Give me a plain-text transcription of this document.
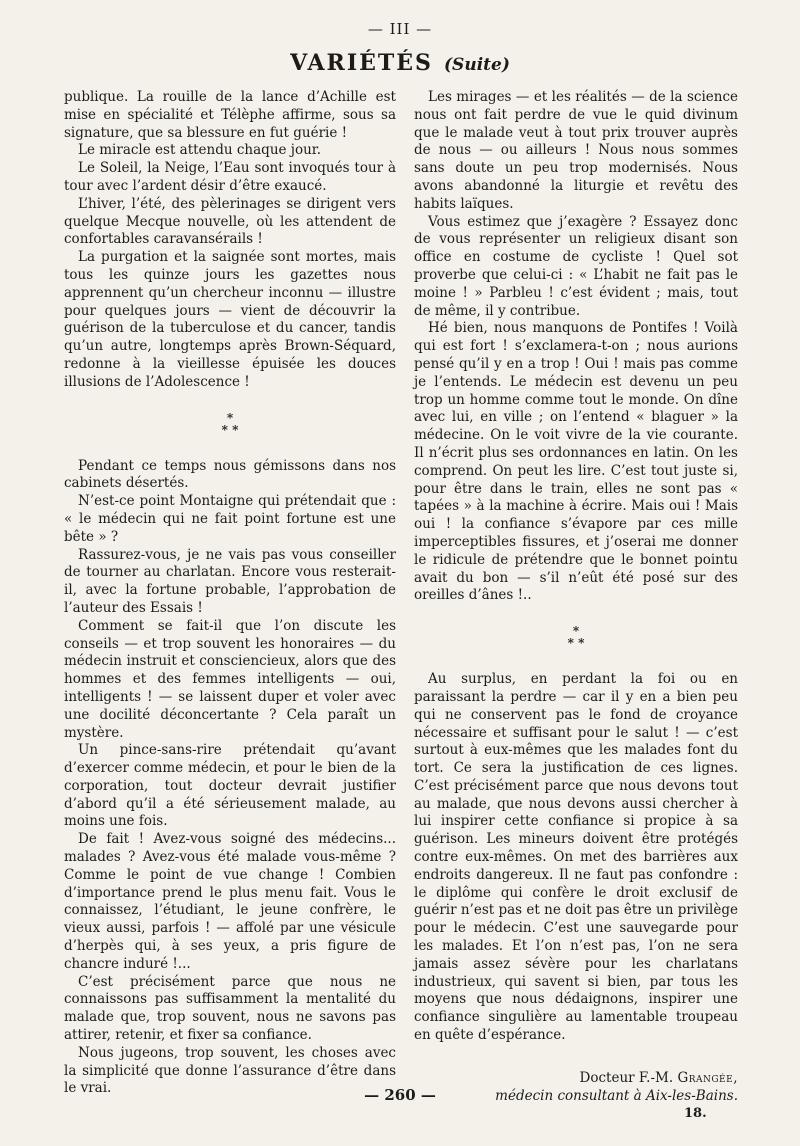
— III —
VARIÉTÉS (Suite)

publique. La rouille de la lance d’Achille est mise en spécialité et Télèphe affirme, sous sa signature, que sa blessure en fut guérie !

Le miracle est attendu chaque jour.

Le Soleil, la Neige, l’Eau sont invoqués tour à tour avec l’ardent désir d’être exaucé.

L’hiver, l’été, des pèlerinages se dirigent vers quelque Mecque nouvelle, où les attendent de confortables caravansérails !

La purgation et la saignée sont mortes, mais tous les quinze jours les gazettes nous apprennent qu’un chercheur inconnu — illustre pour quelques jours — vient de découvrir la guérison de la tuberculose et du cancer, tandis qu’un autre, longtemps après Brown-Séquard, redonne à la vieillesse épuisée les douces illusions de l’Adolescence !

*
* *

Pendant ce temps nous gémissons dans nos cabinets désertés.

N’est-ce point Montaigne qui prétendait que : « le médecin qui ne fait point fortune est une bête » ?

Rassurez-vous, je ne vais pas vous conseiller de tourner au charlatan. Encore vous resterait-il, avec la fortune probable, l’approbation de l’auteur des Essais !

Comment se fait-il que l’on discute les conseils — et trop souvent les honoraires — du médecin instruit et consciencieux, alors que des hommes et des femmes intelligents — oui, intelligents ! — se laissent duper et voler avec une docilité déconcertante ? Cela paraît un mystère.

Un pince-sans-rire prétendait qu’avant d’exercer comme médecin, et pour le bien de la corporation, tout docteur devrait justifier d’abord qu’il a été sérieusement malade, au moins une fois.

De fait ! Avez-vous soigné des médecins... malades ? Avez-vous été malade vous-même ? Comme le point de vue change ! Combien d’importance prend le plus menu fait. Vous le connaissez, l’étudiant, le jeune confrère, le vieux aussi, parfois ! — affolé par une vésicule d’herpès qui, à ses yeux, a pris figure de chancre induré !...

C’est précisément parce que nous ne connaissons pas suffisamment la mentalité du malade que, trop souvent, nous ne savons pas attirer, retenir, et fixer sa confiance.

Nous jugeons, trop souvent, les choses avec la simplicité que donne l’assurance d’être dans le vrai.

Les mirages — et les réalités — de la science nous ont fait perdre de vue le quid divinum que le malade veut à tout prix trouver auprès de nous — ou ailleurs ! Nous nous sommes sans doute un peu trop modernisés. Nous avons abandonné la liturgie et revêtu des habits laïques.

Vous estimez que j’exagère ? Essayez donc de vous représenter un religieux disant son office en costume de cycliste ! Quel sot proverbe que celui-ci : « L’habit ne fait pas le moine ! » Parbleu ! c’est évident ; mais, tout de même, il y contribue.

Hé bien, nous manquons de Pontifes ! Voilà qui est fort ! s’exclamera-t-on ; nous aurions pensé qu’il y en a trop ! Oui ! mais pas comme je l’entends. Le médecin est devenu un peu trop un homme comme tout le monde. On dîne avec lui, en ville ; on l’entend « blaguer » la médecine. On le voit vivre de la vie courante. Il n’écrit plus ses ordonnances en latin. On les comprend. On peut les lire. C’est tout juste si, pour être dans le train, elles ne sont pas « tapées » à la machine à écrire. Mais oui ! Mais oui ! la confiance s’évapore par ces mille imperceptibles fissures, et j’oserai me donner le ridicule de prétendre que le bonnet pointu avait du bon — s’il n’eût été posé sur des oreilles d’ânes !..

*
* *

Au surplus, en perdant la foi ou en paraissant la perdre — car il y en a bien peu qui ne conservent pas le fond de croyance nécessaire et suffisant pour le salut ! — c’est surtout à eux-mêmes que les malades font du tort. Ce sera la justification de ces lignes. C’est précisément parce que nous devons tout au malade, que nous devons aussi chercher à lui inspirer cette confiance si propice à sa guérison. Les mineurs doivent être protégés contre eux-mêmes. On met des barrières aux endroits dangereux. Il ne faut pas confondre : le diplôme qui confère le droit exclusif de guérir n’est pas et ne doit pas être un privilège pour le médecin. C’est une sauvegarde pour les malades. Et l’on n’est pas, l’on ne sera jamais assez sévère pour les charlatans industrieux, qui savent si bien, par tous les moyens que nous dédaignons, inspirer une confiance singulière au lamentable troupeau en quête d’espérance.

Docteur F.-M. Grangée,
médecin consultant à Aix-les-Bains.
— 260 —
18.
